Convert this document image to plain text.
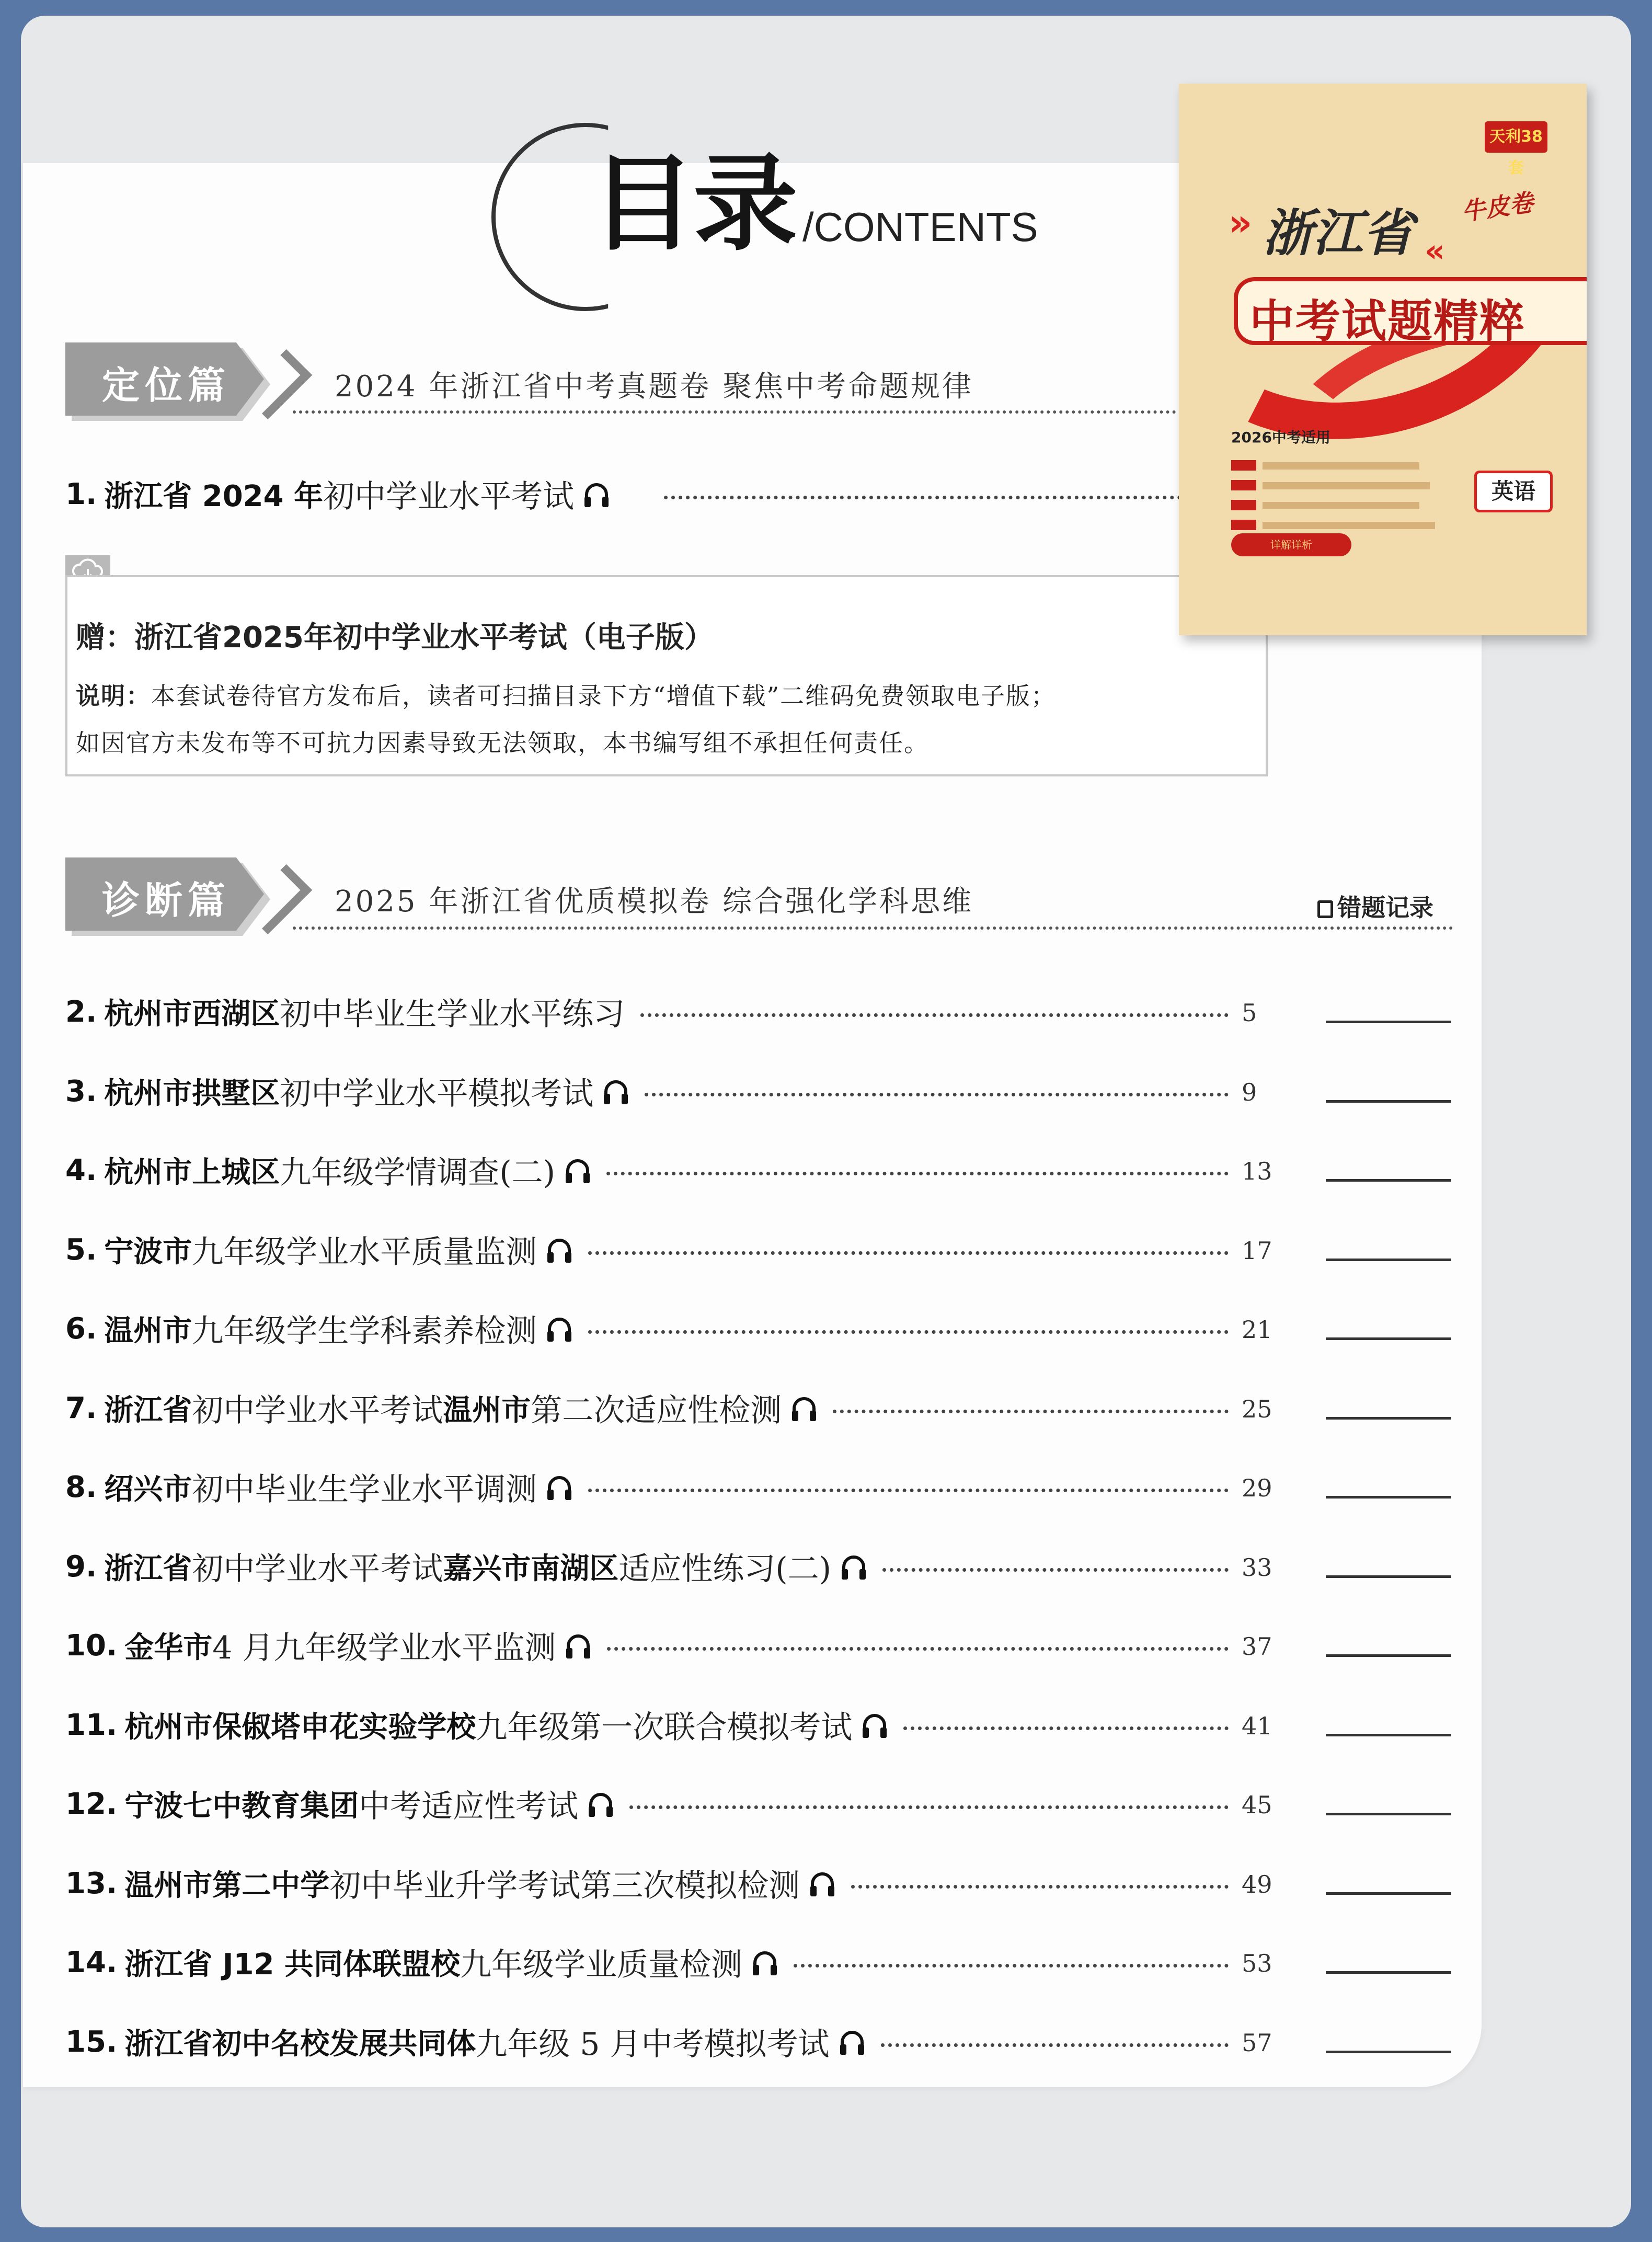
目录 /CONTENTS
定位篇	2024 年浙江省中考真题卷 聚焦中考命题规律
1. 浙江省 2024 年 初中学业水平考试
赠：浙江省2025年初中学业水平考试（电子版）
说明：本套试卷待官方发布后，读者可扫描目录下方“增值下载”二维码免费领取电子版；
如因官方未发布等不可抗力因素导致无法领取，本书编写组不承担任何责任。
诊断篇	2025 年浙江省优质模拟卷 综合强化学科思维	错题记录
2. 杭州市西湖区 初中毕业生学业水平练习	5
3. 杭州市拱墅区 初中学业水平模拟考试	9
4. 杭州市上城区 九年级学情调查(二)	13
5. 宁波市 九年级学业水平质量监测	17
6. 温州市 九年级学生学科素养检测	21
7. 浙江省 初中学业水平考试 温州市 第二次适应性检测	25
8. 绍兴市 初中毕业生学业水平调测	29
9. 浙江省 初中学业水平考试 嘉兴市南湖区 适应性练习(二)	33
10. 金华市 4 月九年级学业水平监测	37
11. 杭州市保俶塔申花实验学校 九年级第一次联合模拟考试	41
12. 宁波七中教育集团 中考适应性考试	45
13. 温州市第二中学 初中毕业升学考试第三次模拟检测	49
14. 浙江省 J12 共同体联盟校 九年级学业质量检测	53
15. 浙江省初中名校发展共同体 九年级 5 月中考模拟考试	57
天利38套
» 浙江省 «
牛皮卷
中考试题精粹
2026中考适用
英语
详解详析
